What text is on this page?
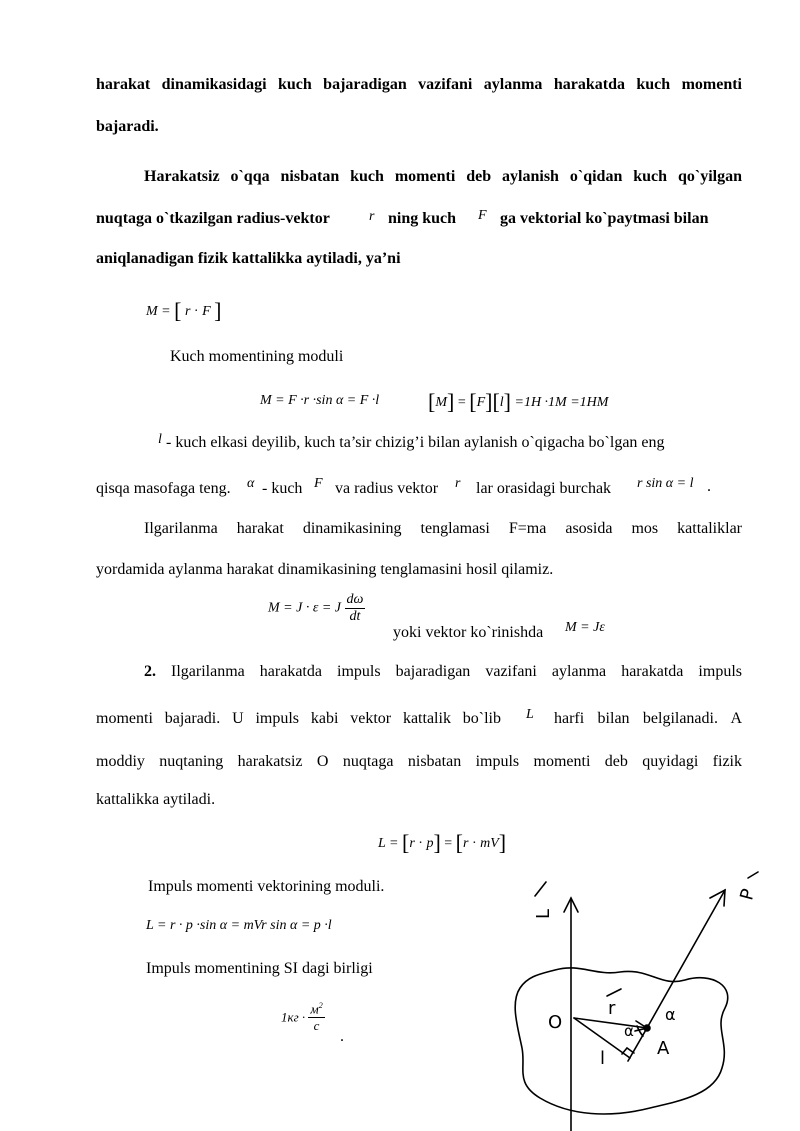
harakat dinamikasidagi kuch bajaradigan vazifani aylanma harakatda kuch momenti
bajaradi.
Harakatsiz o`qqa nisbatan kuch momenti deb aylanish o`qidan kuch qo`yilgan
nuqtaga o`tkazilgan radius-vektor	r ning kuch F ga vektorial ko`paytmasi bilan
aniqlanadigan fizik kattalikka aytiladi, ya’ni
M = [ r · F ]
Kuch momentining moduli
M = F ·r ·sin α = F ·l [M] = [F][l] =1H ·1M =1HM
l - kuch elkasi deyilib, kuch ta’sir chizig’i bilan aylanish o`qigacha bo`lgan eng
qisqa masofaga teng. α - kuch F va radius vektor r lar orasidagi burchak r sin α = l .
Ilgarilanma harakat dinamikasining tenglamasi F=ma asosida mos kattaliklar
yordamida aylanma harakat dinamikasining tenglamasini hosil qilamiz.
M = J · ε = J $\frac{d\omega}{dt}$
yoki vektor ko`rinishda M = Jε
2. Ilgarilanma harakatda impuls bajaradigan vazifani aylanma harakatda impuls
momenti bajaradi. U impuls kabi vektor kattalik bo`lib L harfi bilan belgilanadi. A
moddiy nuqtaning harakatsiz O nuqtaga nisbatan impuls momenti deb quyidagi fizik
kattalikka aytiladi.
L = [r · p] = [r · mV]
Impuls momenti vektorining moduli.
L = r · p ·sin α = mVr sin α = p ·l
Impuls momentining SI dagi birligi
$1кг \cdot \frac{м^2}{c}$
.
L
P
O
r
α
α
l	A
